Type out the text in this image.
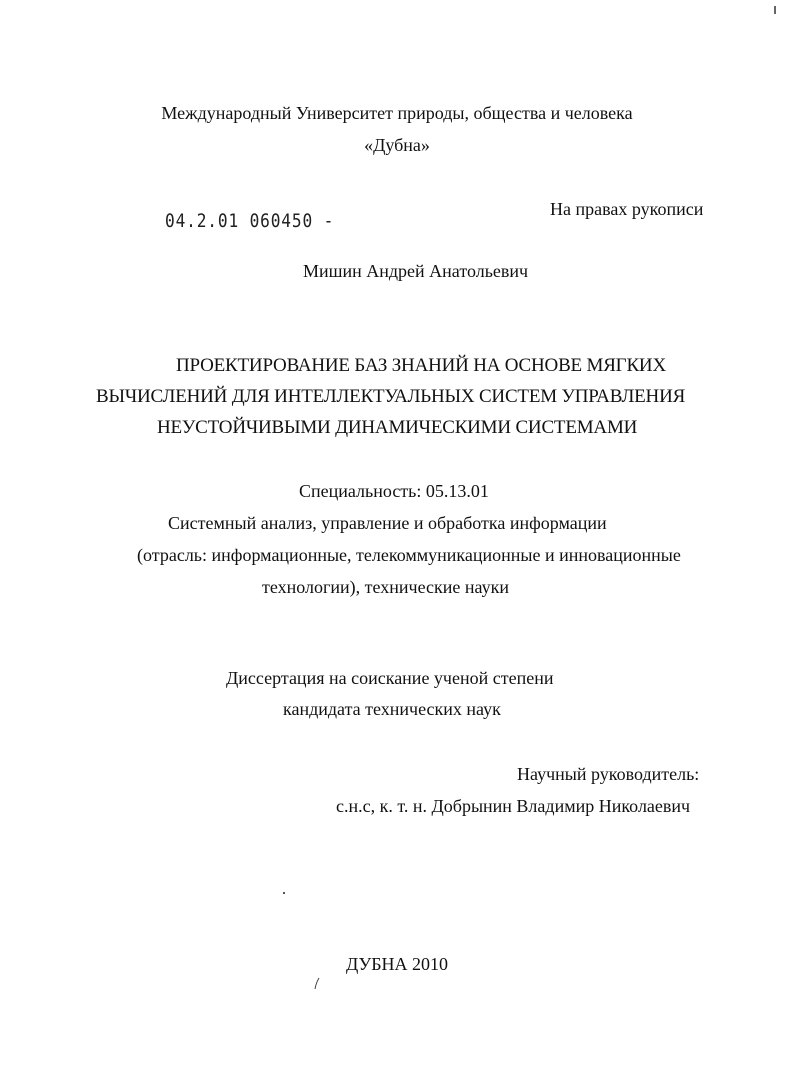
Международный Университет природы, общества и человека
«Дубна»
04.2.01 060450 -
На правах рукописи
Мишин Андрей Анатольевич
ПРОЕКТИРОВАНИЕ БАЗ ЗНАНИЙ НА ОСНОВЕ МЯГКИХ
ВЫЧИСЛЕНИЙ ДЛЯ ИНТЕЛЛЕКТУАЛЬНЫХ СИСТЕМ УПРАВЛЕНИЯ
НЕУСТОЙЧИВЫМИ ДИНАМИЧЕСКИМИ СИСТЕМАМИ
Специальность: 05.13.01
Системный анализ, управление и обработка информации
(отрасль: информационные, телекоммуникационные и инновационные
технологии), технические науки
Диссертация на соискание ученой степени
кандидата технических наук
Научный руководитель:
с.н.с, к. т. н. Добрынин Владимир Николаевич
ДУБНА 2010
